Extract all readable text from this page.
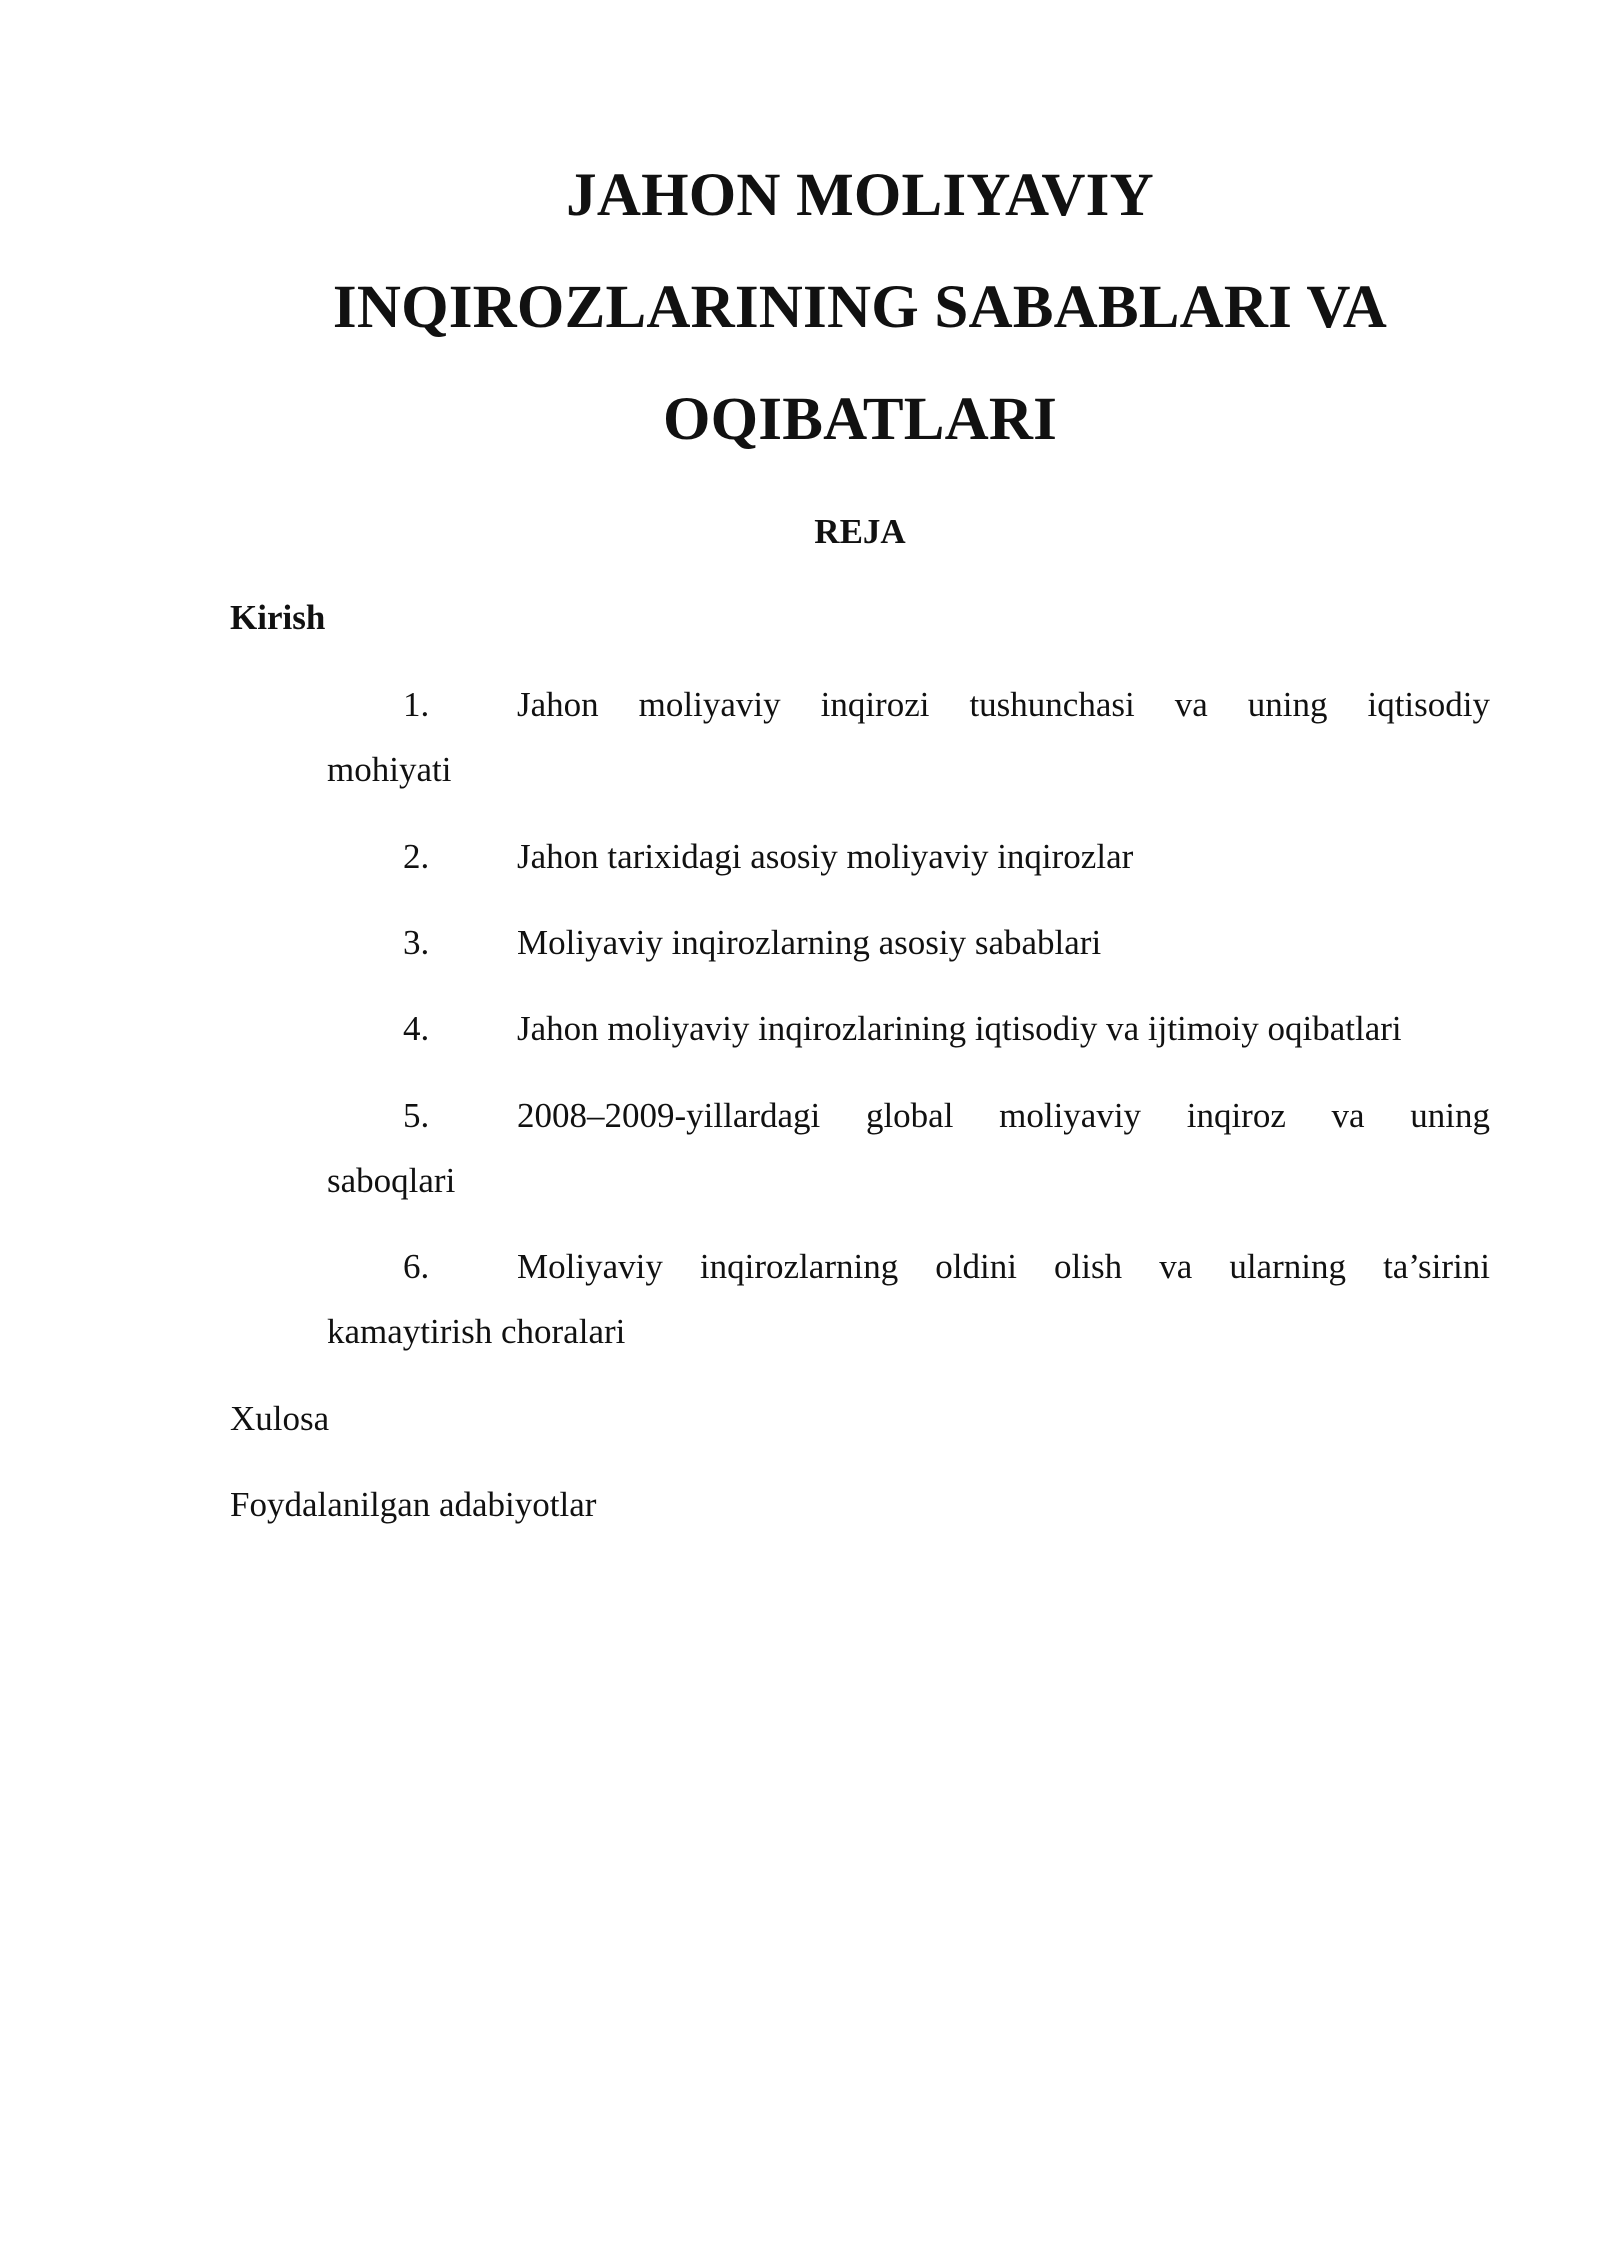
JAHON MOLIYAVIY
INQIROZLARINING SABABLARI VA
OQIBATLARI

REJA

Kirish

1.	Jahon moliyaviy inqirozi tushunchasi va uning iqtisodiy
mohiyati
2.	Jahon tarixidagi asosiy moliyaviy inqirozlar
3.	Moliyaviy inqirozlarning asosiy sabablari
4.	Jahon moliyaviy inqirozlarining iqtisodiy va ijtimoiy oqibatlari
5.	2008–2009-yillardagi global moliyaviy inqiroz va uning
saboqlari
6.	Moliyaviy inqirozlarning oldini olish va ularning ta’sirini
kamaytirish choralari

Xulosa

Foydalanilgan adabiyotlar
